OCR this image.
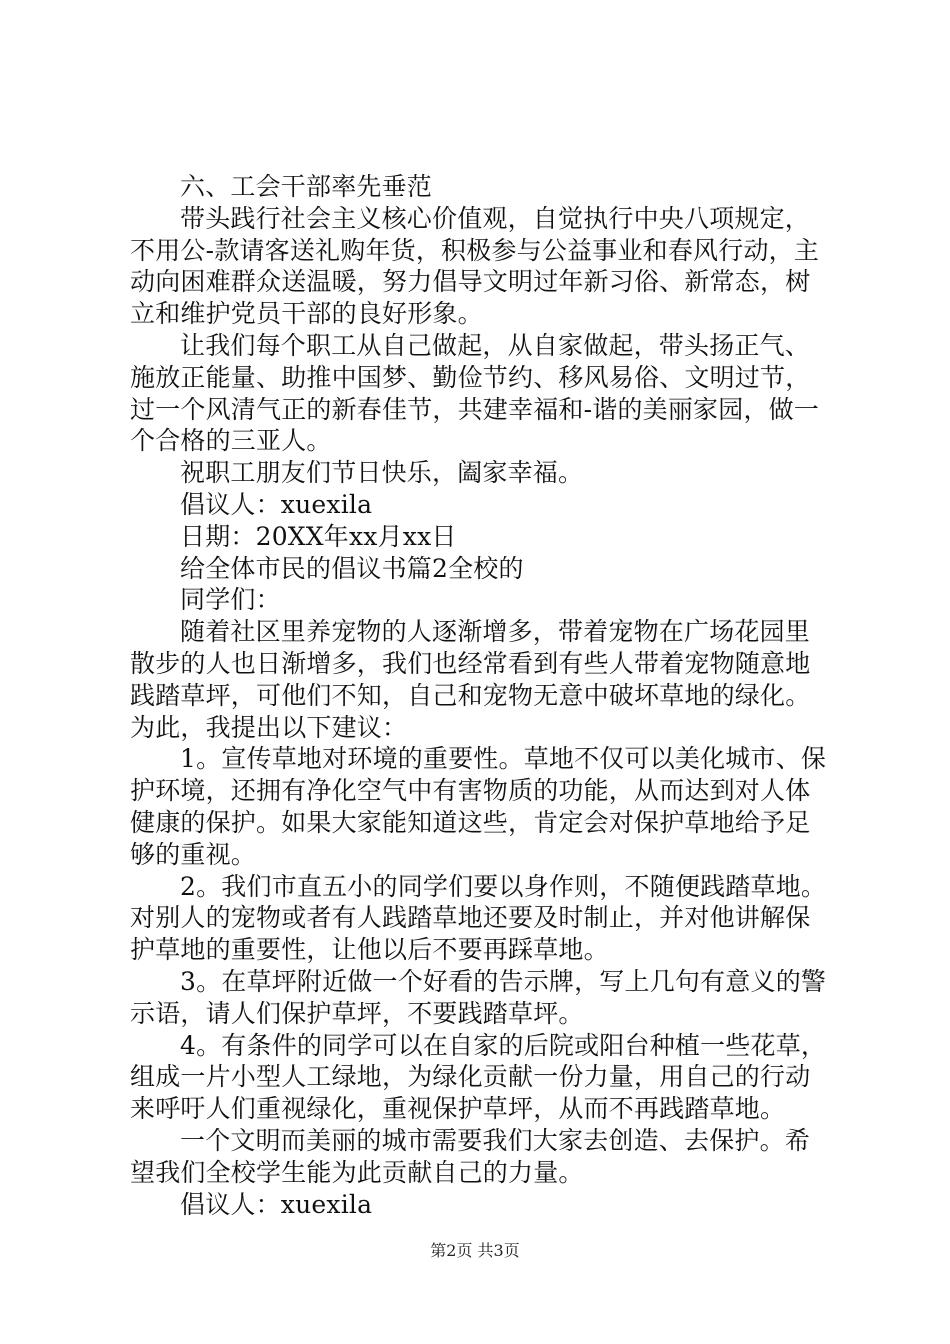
六、工会干部率先垂范
带头践行社会主义核心价值观，自觉执行中央八项规定，
不用公-款请客送礼购年货，积极参与公益事业和春风行动，主
动向困难群众送温暖，努力倡导文明过年新习俗、新常态，树
立和维护党员干部的良好形象。
让我们每个职工从自己做起，从自家做起，带头扬正气、
施放正能量、助推中国梦、勤俭节约、移风易俗、文明过节，
过一个风清气正的新春佳节，共建幸福和-谐的美丽家园，做一
个合格的三亚人。
祝职工朋友们节日快乐，阖家幸福。
倡议人：xuexila
日期：20XX年xx月xx日
给全体市民的倡议书篇2全校的
同学们：
随着社区里养宠物的人逐渐增多，带着宠物在广场花园里
散步的人也日渐增多，我们也经常看到有些人带着宠物随意地
践踏草坪，可他们不知，自己和宠物无意中破坏草地的绿化。
为此，我提出以下建议：
1。宣传草地对环境的重要性。草地不仅可以美化城市、保
护环境，还拥有净化空气中有害物质的功能，从而达到对人体
健康的保护。如果大家能知道这些，肯定会对保护草地给予足
够的重视。
2。我们市直五小的同学们要以身作则，不随便践踏草地。
对别人的宠物或者有人践踏草地还要及时制止，并对他讲解保
护草地的重要性，让他以后不要再踩草地。
3。在草坪附近做一个好看的告示牌，写上几句有意义的警
示语，请人们保护草坪，不要践踏草坪。
4。有条件的同学可以在自家的后院或阳台种植一些花草，
组成一片小型人工绿地，为绿化贡献一份力量，用自己的行动
来呼吁人们重视绿化，重视保护草坪，从而不再践踏草地。
一个文明而美丽的城市需要我们大家去创造、去保护。希
望我们全校学生能为此贡献自己的力量。
倡议人：xuexila
第2页 共3页
